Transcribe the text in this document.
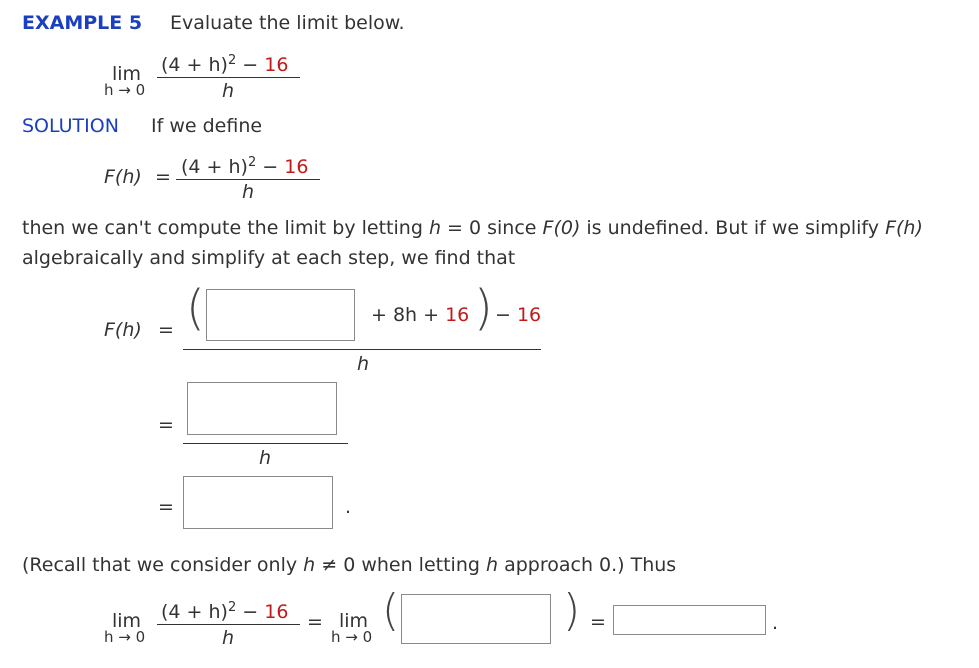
EXAMPLE 5 Evaluate the limit below.
lim
h → 0
$(4 + h)^2 - 16$
h
SOLUTION If we define
$F(h) = (4 + h)^2 - 16$
h
then we can't compute the limit by letting h = 0 since F(0) is undefined. But if we simplify F(h)
algebraically and simplify at each step, we find that
F(h) = (	+ 8h + 16 ) − 16
h
=
h
=	.
(Recall that we consider only h ≠ 0 when letting h approach 0.) Thus
lim
h → 0
$(4 + h)^2 - 16$
h
= lim
h → 0
(	) =	.
